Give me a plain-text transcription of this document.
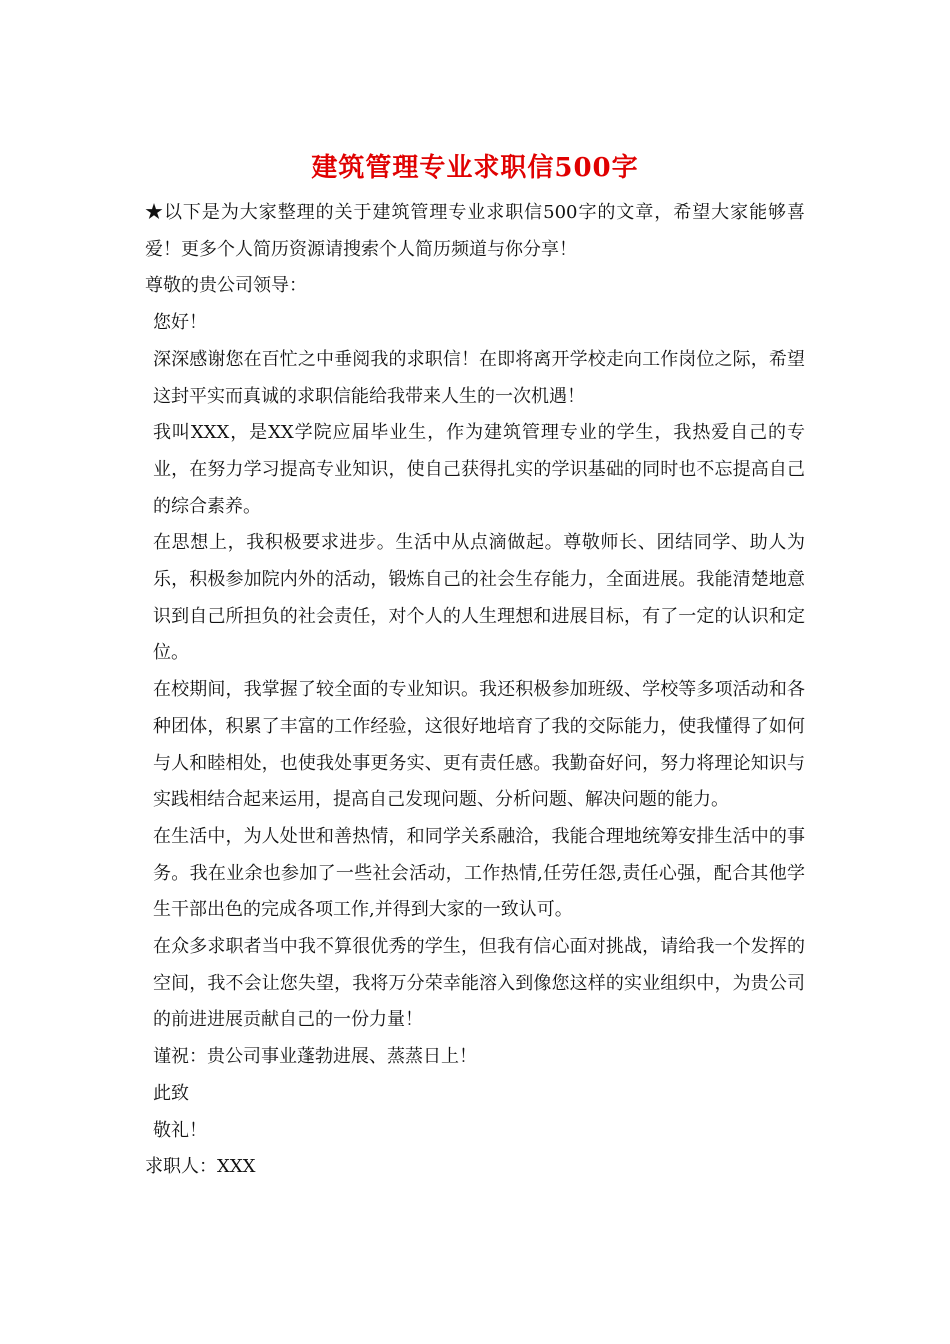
建筑管理专业求职信500字

★以下是为大家整理的关于建筑管理专业求职信500字的文章，希望大家能够喜爱！更多个人简历资源请搜索个人简历频道与你分享！

尊敬的贵公司领导：

您好！

深深感谢您在百忙之中垂阅我的求职信！在即将离开学校走向工作岗位之际，希望这封平实而真诚的求职信能给我带来人生的一次机遇！

我叫XXX，是XX学院应届毕业生，作为建筑管理专业的学生，我热爱自己的专业，在努力学习提高专业知识，使自己获得扎实的学识基础的同时也不忘提高自己的综合素养。

在思想上，我积极要求进步。生活中从点滴做起。尊敬师长、团结同学、助人为乐，积极参加院内外的活动，锻炼自己的社会生存能力，全面进展。我能清楚地意识到自己所担负的社会责任，对个人的人生理想和进展目标，有了一定的认识和定位。

在校期间，我掌握了较全面的专业知识。我还积极参加班级、学校等多项活动和各种团体，积累了丰富的工作经验，这很好地培育了我的交际能力，使我懂得了如何与人和睦相处，也使我处事更务实、更有责任感。我勤奋好问，努力将理论知识与实践相结合起来运用，提高自己发现问题、分析问题、解决问题的能力。

在生活中，为人处世和善热情，和同学关系融洽，我能合理地统筹安排生活中的事务。我在业余也参加了一些社会活动，工作热情,任劳任怨,责任心强，配合其他学生干部出色的完成各项工作,并得到大家的一致认可。

在众多求职者当中我不算很优秀的学生，但我有信心面对挑战，请给我一个发挥的空间，我不会让您失望，我将万分荣幸能溶入到像您这样的实业组织中，为贵公司的前进进展贡献自己的一份力量！

谨祝：贵公司事业蓬勃进展、蒸蒸日上！

此致

敬礼！

求职人：XXX
